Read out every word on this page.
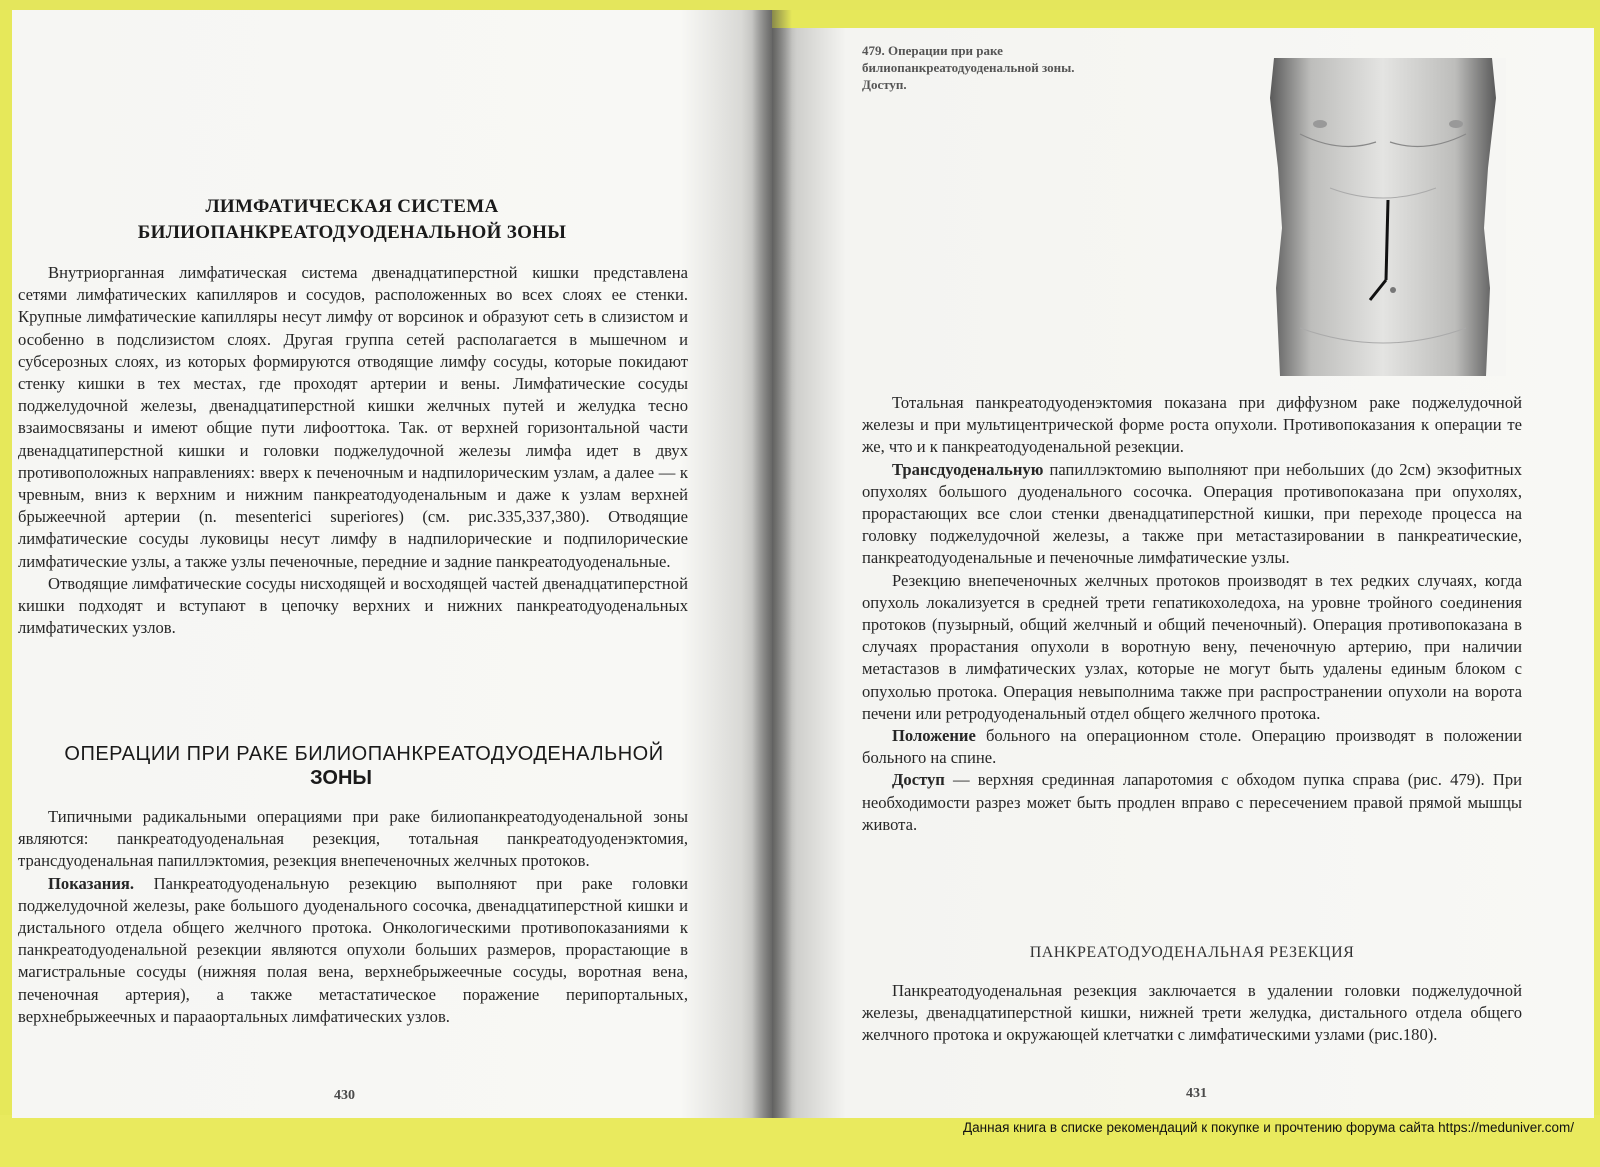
ЛИМФАТИЧЕСКАЯ СИСТЕМА
БИЛИОПАНКРЕАТОДУОДЕНАЛЬНОЙ ЗОНЫ

Внутриорганная лимфатическая система двенадцатиперстной кишки представлена сетями лимфатических капилляров и сосудов, расположенных во всех слоях ее стенки. Крупные лимфатические капилляры несут лимфу от ворсинок и образуют сеть в слизистом и особенно в подслизистом слоях. Другая группа сетей располагается в мышечном и субсерозных слоях, из которых формируются отводящие лимфу сосуды, которые покидают стенку кишки в тех местах, где проходят артерии и вены. Лимфатические сосуды поджелудочной железы, двенадцатиперстной кишки желчных путей и желудка тесно взаимосвязаны и имеют общие пути лифооттока. Так. от верхней горизонтальной части двенадцатиперстной кишки и головки поджелудочной железы лимфа идет в двух противоположных направлениях: вверх к печеночным и надпилорическим узлам, а далее — к чревным, вниз к верхним и нижним панкреатодуоденальным и даже к узлам верхней брыжеечной артерии (n. mesenterici superiores) (см. рис.335,337,380). Отводящие лимфатические сосуды луковицы несут лимфу в надпилорические и подпилорические лимфатические узлы, а также узлы печеночные, передние и задние панкреатодуоденальные.

Отводящие лимфатические сосуды нисходящей и восходящей частей двенадцатиперстной кишки подходят и вступают в цепочку верхних и нижних панкреатодуоденальных лимфатических узлов.

ОПЕРАЦИИ ПРИ РАКЕ БИЛИОПАНКРЕАТОДУОДЕНАЛЬНОЙ
ЗОНЫ

Типичными радикальными операциями при раке билиопанкреатодуоденальной зоны являются: панкреатодуоденальная резекция, тотальная панкреатодуоденэктомия, трансдуоденальная папиллэктомия, резекция внепеченочных желчных протоков.

Показания. Панкреатодуоденальную резекцию выполняют при раке головки поджелудочной железы, раке большого дуоденального сосочка, двенадцатиперстной кишки и дистального отдела общего желчного протока. Онкологическими противопоказаниями к панкреатодуоденальной резекции являются опухоли больших размеров, прорастающие в магистральные сосуды (нижняя полая вена, верхнебрыжеечные сосуды, воротная вена, печеночная артерия), а также метастатическое поражение перипортальных, верхнебрыжеечных и парааортальных лимфатических узлов.

430
479. Операции при раке билиопанкреатодуоденальной зоны. Доступ.

Тотальная панкреатодуоденэктомия показана при диффузном раке поджелудочной железы и при мультицентрической форме роста опухоли. Противопоказания к операции те же, что и к панкреатодуоденальной резекции.

Трансдуоденальную папиллэктомию выполняют при небольших (до 2см) экзофитных опухолях большого дуоденального сосочка. Операция противопоказана при опухолях, прорастающих все слои стенки двенадцатиперстной кишки, при переходе процесса на головку поджелудочной железы, а также при метастазировании в панкреатические, панкреатодуоденальные и печеночные лимфатические узлы.

Резекцию внепеченочных желчных протоков производят в тех редких случаях, когда опухоль локализуется в средней трети гепатикохоледоха, на уровне тройного соединения протоков (пузырный, общий желчный и общий печеночный). Операция противопоказана в случаях прорастания опухоли в воротную вену, печеночную артерию, при наличии метастазов в лимфатических узлах, которые не могут быть удалены единым блоком с опухолью протока. Операция невыполнима также при распространении опухоли на ворота печени или ретродуоденальный отдел общего желчного протока.

Положение больного на операционном столе. Операцию производят в положении больного на спине.

Доступ — верхняя срединная лапаротомия с обходом пупка справа (рис. 479). При необходимости разрез может быть продлен вправо с пересечением правой прямой мышцы живота.

ПАНКРЕАТОДУОДЕНАЛЬНАЯ РЕЗЕКЦИЯ

Панкреатодуоденальная резекция заключается в удалении головки поджелудочной железы, двенадцатиперстной кишки, нижней трети желудка, дистального отдела общего желчного протока и окружающей клетчатки с лимфатическими узлами (рис.180).

431
Данная книга в списке рекомендаций к покупке и прочтению форума сайта https://meduniver.com/
